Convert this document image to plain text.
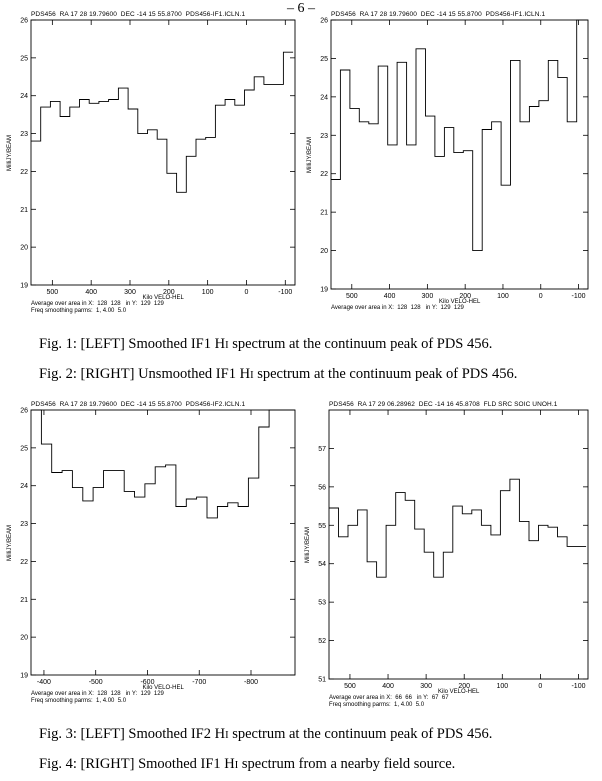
– 6 –
PDS456  RA 17 28 19.79600  DEC -14 15 55.8700  PDS456-IF1.ICLN.1
19
20
21
22
23
24
25
26
500	400	300	200	100	0	-100
MilliJY/BEAM
Kilo VELO-HEL
Average over area in X:  128  128   in Y:  129  129
Freq smoothing parms:  1, 4.00  5.0
PDS456  RA 17 28 19.79600  DEC -14 15 55.8700  PDS456-IF1.ICLN.1
19
20
21
22
23
24
25
26
500	400	300	200	100	0	-100
MilliJY/BEAM
Kilo VELO-HEL
Average over area in X:  128  128   in Y:  129  129
PDS456  RA 17 28 19.79600  DEC -14 15 55.8700  PDS456-IF2.ICLN.1
19
20
21
22
23
24
25
26
-400	-500	-600	-700	-800
MilliJY/BEAM
Kilo VELO-HEL
Average over area in X:  128  128   in Y:  129  129
Freq smoothing parms:  1, 4.00  5.0
PDS456  RA 17 29 06.28962  DEC -14 16 45.8708  FLD SRC SOIC UNOH.1
51
52
53
54
55
56
57
500	400	300	200	100	0	-100
MilliJY/BEAM
Kilo VELO-HEL
Average over area in X:  66  66   in Y:  67  67
Freq smoothing parms:  1, 4.00  5.0
Fig. 1: [LEFT] Smoothed IF1 HI spectrum at the continuum peak of PDS 456.
Fig. 2: [RIGHT] Unsmoothed IF1 HI spectrum at the continuum peak of PDS 456.
Fig. 3: [LEFT] Smoothed IF2 HI spectrum at the continuum peak of PDS 456.
Fig. 4: [RIGHT] Smoothed IF1 HI spectrum from a nearby field source.
